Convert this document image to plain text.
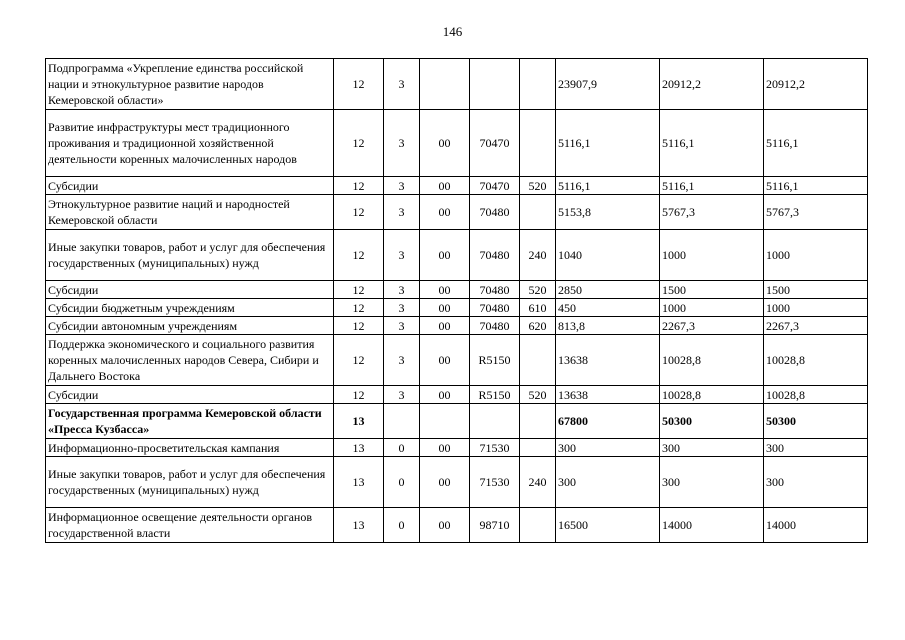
146
Подпрограмма «Укрепление единства российской нации и этнокультурное развитие народов Кемеровской области»	12	3				23907,9	20912,2	20912,2
Развитие инфраструктуры мест традиционного проживания и традиционной хозяйственной деятельности коренных малочисленных народов	12	3	00	70470		5116,1	5116,1	5116,1
Субсидии	12	3	00	70470	520	5116,1	5116,1	5116,1
Этнокультурное развитие наций и народностей Кемеровской области	12	3	00	70480		5153,8	5767,3	5767,3
Иные закупки товаров, работ и услуг для обеспечения государственных (муниципальных) нужд	12	3	00	70480	240	1040	1000	1000
Субсидии	12	3	00	70480	520	2850	1500	1500
Субсидии бюджетным учреждениям	12	3	00	70480	610	450	1000	1000
Субсидии автономным учреждениям	12	3	00	70480	620	813,8	2267,3	2267,3
Поддержка экономического и социального развития коренных малочисленных народов Севера, Сибири и Дальнего Востока	12	3	00	R5150		13638	10028,8	10028,8
Субсидии	12	3	00	R5150	520	13638	10028,8	10028,8
Государственная программа Кемеровской области «Пресса Кузбасса»	13					67800	50300	50300
Информационно-просветительская кампания	13	0	00	71530		300	300	300
Иные закупки товаров, работ и услуг для обеспечения государственных (муниципальных) нужд	13	0	00	71530	240	300	300	300
Информационное освещение деятельности органов государственной власти	13	0	00	98710		16500	14000	14000
